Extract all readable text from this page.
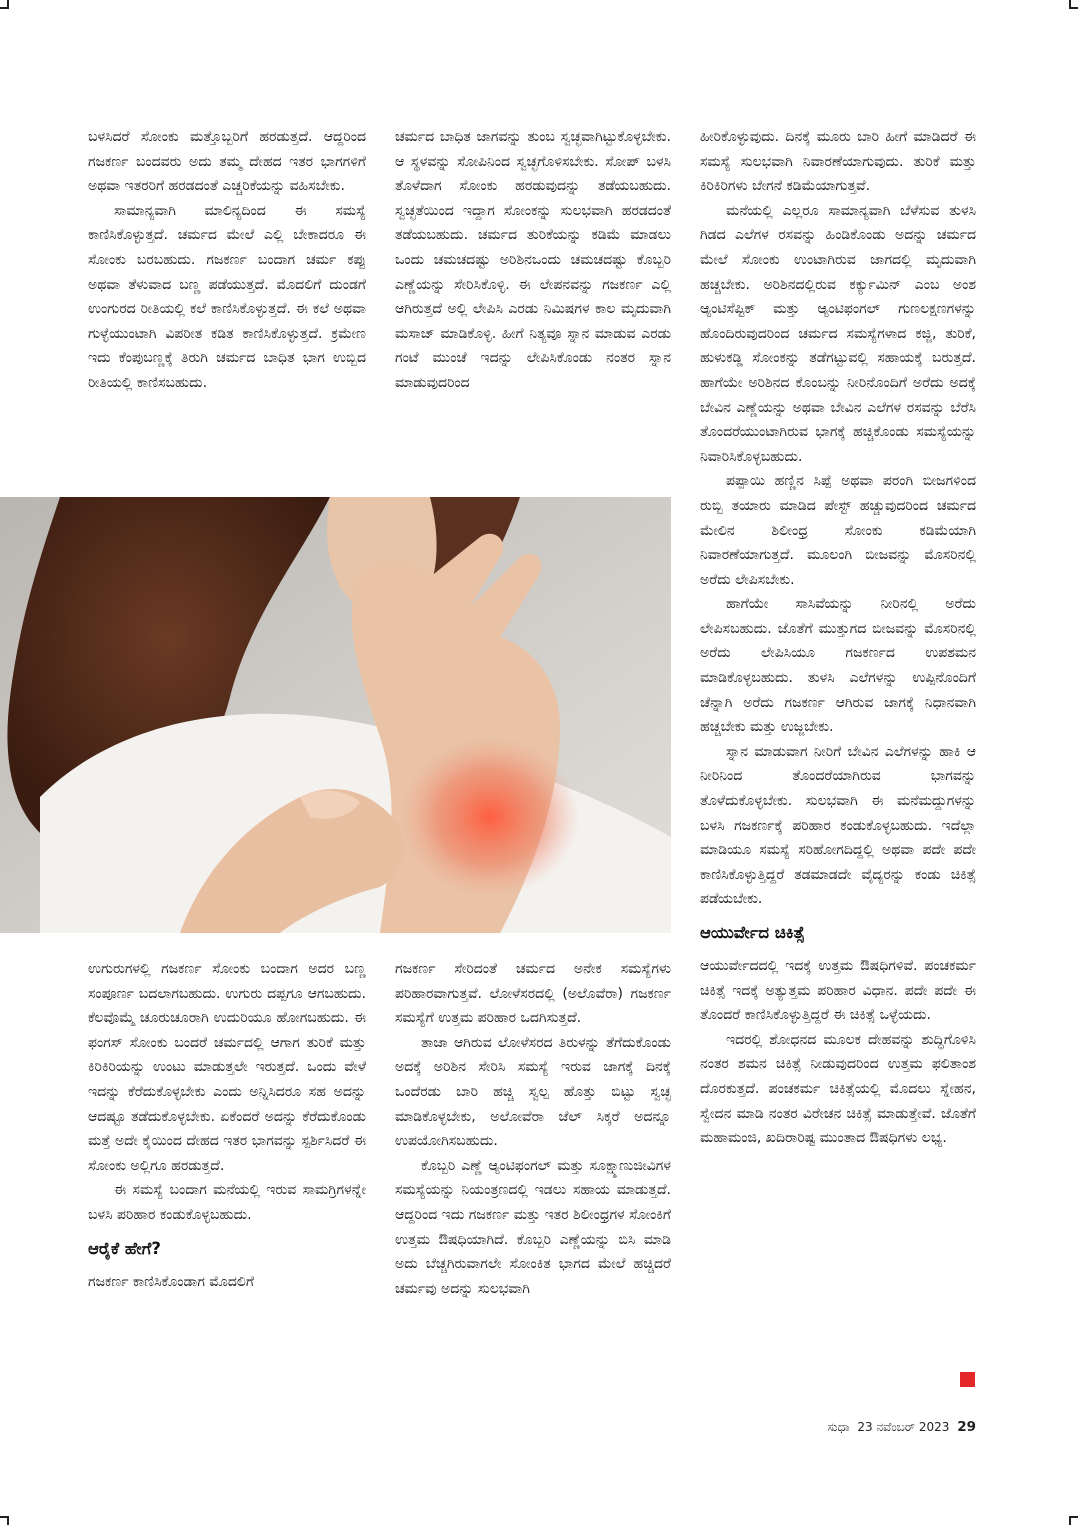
ಬಳಸಿದರೆ ಸೋಂಕು ಮತ್ತೊಬ್ಬರಿಗೆ ಹರಡುತ್ತದೆ. ಆದ್ದರಿಂದ ಗಜಕರ್ಣ ಬಂದವರು ಅದು ತಮ್ಮ ದೇಹದ ಇತರ ಭಾಗಗಳಿಗೆ ಅಥವಾ ಇತರರಿಗೆ ಹರಡದಂತೆ ಎಚ್ಚರಿಕೆಯನ್ನು ವಹಿಸಬೇಕು.

ಸಾಮಾನ್ಯವಾಗಿ ಮಾಲಿನ್ಯದಿಂದ ಈ ಸಮಸ್ಯೆ ಕಾಣಿಸಿಕೊಳ್ಳುತ್ತದೆ. ಚರ್ಮದ ಮೇಲೆ ಎಲ್ಲಿ ಬೇಕಾದರೂ ಈ ಸೋಂಕು ಬರಬಹುದು. ಗಜಕರ್ಣ ಬಂದಾಗ ಚರ್ಮ ಕಪ್ಪು ಅಥವಾ ತೆಳುವಾದ ಬಣ್ಣ ಪಡೆಯುತ್ತದೆ. ಮೊದಲಿಗೆ ದುಂಡಗೆ ಉಂಗುರದ ರೀತಿಯಲ್ಲಿ ಕಲೆ ಕಾಣಿಸಿಕೊಳ್ಳುತ್ತದೆ. ಈ ಕಲೆ ಅಥವಾ ಗುಳ್ಳೆಯುಂಟಾಗಿ ವಿಪರೀತ ಕಡಿತ ಕಾಣಿಸಿಕೊಳ್ಳುತ್ತದೆ. ಕ್ರಮೇಣ ಇದು ಕೆಂಪುಬಣ್ಣಕ್ಕೆ ತಿರುಗಿ ಚರ್ಮದ ಬಾಧಿತ ಭಾಗ ಉಬ್ಬಿದ ರೀತಿಯಲ್ಲಿ ಕಾಣಿಸಬಹುದು.

ಚರ್ಮದ ಬಾಧಿತ ಜಾಗವನ್ನು ತುಂಬ ಸ್ವಚ್ಛವಾಗಿಟ್ಟುಕೊಳ್ಳಬೇಕು. ಆ ಸ್ಥಳವನ್ನು ಸೋಪಿನಿಂದ ಸ್ವಚ್ಛಗೊಳಿಸಬೇಕು. ಸೋಪ್ ಬಳಸಿ ತೊಳೆದಾಗ ಸೋಂಕು ಹರಡುವುದನ್ನು ತಡೆಯಬಹುದು. ಸ್ವಚ್ಛತೆಯಿಂದ ಇದ್ದಾಗ ಸೋಂಕನ್ನು ಸುಲಭವಾಗಿ ಹರಡದಂತೆ ತಡೆಯಬಹುದು. ಚರ್ಮದ ತುರಿಕೆಯನ್ನು ಕಡಿಮೆ ಮಾಡಲು ಒಂದು ಚಮಚದಷ್ಟು ಅರಿಶಿನಒಂದು ಚಮಚದಷ್ಟು ಕೊಬ್ಬರಿ ಎಣ್ಣೆಯನ್ನು ಸೇರಿಸಿಕೊಳ್ಳಿ. ಈ ಲೇಪನವನ್ನು ಗಜಕರ್ಣ ಎಲ್ಲಿ ಆಗಿರುತ್ತದೆ ಅಲ್ಲಿ ಲೇಪಿಸಿ ಎರಡು ನಿಮಿಷಗಳ ಕಾಲ ಮೃದುವಾಗಿ ಮಸಾಜ್ ಮಾಡಿಕೊಳ್ಳಿ. ಹೀಗೆ ನಿತ್ಯವೂ ಸ್ನಾನ ಮಾಡುವ ಎರಡು ಗಂಟೆ ಮುಂಚೆ ಇದನ್ನು ಲೇಪಿಸಿಕೊಂಡು ನಂತರ ಸ್ನಾನ ಮಾಡುವುದರಿಂದ

ಹೀರಿಕೊಳ್ಳುವುದು. ದಿನಕ್ಕೆ ಮೂರು ಬಾರಿ ಹೀಗೆ ಮಾಡಿದರೆ ಈ ಸಮಸ್ಯೆ ಸುಲಭವಾಗಿ ನಿವಾರಣೆಯಾಗುವುದು. ತುರಿಕೆ ಮತ್ತು ಕಿರಿಕಿರಿಗಳು ಬೇಗನೆ ಕಡಿಮೆಯಾಗುತ್ತವೆ.

ಮನೆಯಲ್ಲಿ ಎಲ್ಲರೂ ಸಾಮಾನ್ಯವಾಗಿ ಬೆಳೆಸುವ ತುಳಸಿ ಗಿಡದ ಎಲೆಗಳ ರಸವನ್ನು ಹಿಂಡಿಕೊಂಡು ಅದನ್ನು ಚರ್ಮದ ಮೇಲೆ ಸೋಂಕು ಉಂಟಾಗಿರುವ ಜಾಗದಲ್ಲಿ ಮೃದುವಾಗಿ ಹಚ್ಚಬೇಕು. ಅರಿಶಿನದಲ್ಲಿರುವ ಕರ್ಕ್ಯುಮಿನ್ ಎಂಬ ಅಂಶ ಆ್ಯಂಟಿಸೆಪ್ಟಿಕ್ ಮತ್ತು ಆ್ಯಂಟಿಫಂಗಲ್ ಗುಣಲಕ್ಷಣಗಳನ್ನು ಹೊಂದಿರುವುದರಿಂದ ಚರ್ಮದ ಸಮಸ್ಯೆಗಳಾದ ಕಜ್ಜಿ, ತುರಿಕೆ, ಹುಳುಕಡ್ಡಿ ಸೋಂಕನ್ನು ತಡೆಗಟ್ಟುವಲ್ಲಿ ಸಹಾಯಕ್ಕೆ ಬರುತ್ತದೆ. ಹಾಗೆಯೇ ಅರಿಶಿನದ ಕೊಂಬನ್ನು ನೀರಿನೊಂದಿಗೆ ಅರೆದು ಅದಕ್ಕೆ ಬೇವಿನ ಎಣ್ಣೆಯನ್ನು ಅಥವಾ ಬೇವಿನ ಎಲೆಗಳ ರಸವನ್ನು ಬೆರೆಸಿ ತೊಂದರೆಯುಂಟಾಗಿರುವ ಭಾಗಕ್ಕೆ ಹಚ್ಚಿಕೊಂಡು ಸಮಸ್ಯೆಯನ್ನು ನಿವಾರಿಸಿಕೊಳ್ಳಬಹುದು.

ಪಪ್ಪಾಯಿ ಹಣ್ಣಿನ ಸಿಪ್ಪೆ ಅಥವಾ ಪರಂಗಿ ಬೀಜಗಳಿಂದ ರುಬ್ಬಿ ತಯಾರು ಮಾಡಿದ ಪೇಸ್ಟ್ ಹಚ್ಚುವುದರಿಂದ ಚರ್ಮದ ಮೇಲಿನ ಶಿಲೀಂಧ್ರ ಸೋಂಕು ಕಡಿಮೆಯಾಗಿ ನಿವಾರಣೆಯಾಗುತ್ತದೆ. ಮೂಲಂಗಿ ಬೀಜವನ್ನು ಮೊಸರಿನಲ್ಲಿ ಅರೆದು ಲೇಪಿಸಬೇಕು.

ಹಾಗೆಯೇ ಸಾಸಿವೆಯನ್ನು ನೀರಿನಲ್ಲಿ ಅರೆದು ಲೇಪಿಸಬಹುದು. ಜೊತೆಗೆ ಮುತ್ತುಗದ ಬೀಜವನ್ನು ಮೊಸರಿನಲ್ಲಿ ಅರೆದು ಲೇಪಿಸಿಯೂ ಗಜಕರ್ಣದ ಉಪಶಮನ ಮಾಡಿಕೊಳ್ಳಬಹುದು. ತುಳಸಿ ಎಲೆಗಳನ್ನು ಉಪ್ಪಿನೊಂದಿಗೆ ಚೆನ್ನಾಗಿ ಅರೆದು ಗಜಕರ್ಣ ಆಗಿರುವ ಜಾಗಕ್ಕೆ ನಿಧಾನವಾಗಿ ಹಚ್ಚಬೇಕು ಮತ್ತು ಉಜ್ಜಬೇಕು.

ಸ್ನಾನ ಮಾಡುವಾಗ ನೀರಿಗೆ ಬೇವಿನ ಎಲೆಗಳನ್ನು ಹಾಕಿ ಆ ನೀರಿನಿಂದ ತೊಂದರೆಯಾಗಿರುವ ಭಾಗವನ್ನು ತೊಳೆದುಕೊಳ್ಳಬೇಕು. ಸುಲಭವಾಗಿ ಈ ಮನೆಮದ್ದುಗಳನ್ನು ಬಳಸಿ ಗಜಕರ್ಣಕ್ಕೆ ಪರಿಹಾರ ಕಂಡುಕೊಳ್ಳಬಹುದು. ಇದೆಲ್ಲಾ ಮಾಡಿಯೂ ಸಮಸ್ಯೆ ಸರಿಹೋಗದಿದ್ದಲ್ಲಿ ಅಥವಾ ಪದೇ ಪದೇ ಕಾಣಿಸಿಕೊಳ್ಳುತ್ತಿದ್ದರೆ ತಡಮಾಡದೇ ವೈದ್ಯರನ್ನು ಕಂಡು ಚಿಕಿತ್ಸೆ ಪಡೆಯಬೇಕು.

ಆಯುರ್ವೇದ ಚಿಕಿತ್ಸೆ

ಆಯುರ್ವೇದದಲ್ಲಿ ಇದಕ್ಕೆ ಉತ್ತಮ ಔಷಧಿಗಳಿವೆ. ಪಂಚಕರ್ಮ ಚಿಕಿತ್ಸೆ ಇದಕ್ಕೆ ಅತ್ಯುತ್ತಮ ಪರಿಹಾರ ವಿಧಾನ. ಪದೇ ಪದೇ ಈ ತೊಂದರೆ ಕಾಣಿಸಿಕೊಳ್ಳುತ್ತಿದ್ದರೆ ಈ ಚಿಕಿತ್ಸೆ ಒಳ್ಳೆಯದು.

ಇದರಲ್ಲಿ ಶೋಧನದ ಮೂಲಕ ದೇಹವನ್ನು ಶುದ್ಧಿಗೊಳಿಸಿ ನಂತರ ಶಮನ ಚಿಕಿತ್ಸೆ ನೀಡುವುದರಿಂದ ಉತ್ತಮ ಫಲಿತಾಂಶ ದೊರಕುತ್ತದೆ. ಪಂಚಕರ್ಮ ಚಿಕಿತ್ಸೆಯಲ್ಲಿ ಮೊದಲು ಸ್ನೇಹನ, ಸ್ವೇದನ ಮಾಡಿ ನಂತರ ವಿರೇಚನ ಚಿಕಿತ್ಸೆ ಮಾಡುತ್ತೇವೆ. ಜೊತೆಗೆ ಮಹಾಮಂಜಿ, ಖದಿರಾರಿಷ್ಟ ಮುಂತಾದ ಔಷಧಿಗಳು ಲಭ್ಯ.

ಉಗುರುಗಳಲ್ಲಿ ಗಜಕರ್ಣ ಸೋಂಕು ಬಂದಾಗ ಅದರ ಬಣ್ಣ ಸಂಪೂರ್ಣ ಬದಲಾಗಬಹುದು. ಉಗುರು ದಪ್ಪಗೂ ಆಗಬಹುದು. ಕೆಲವೊಮ್ಮೆ ಚೂರುಚೂರಾಗಿ ಉದುರಿಯೂ ಹೋಗಬಹುದು. ಈ ಫಂಗಸ್ ಸೋಂಕು ಬಂದರೆ ಚರ್ಮದಲ್ಲಿ ಆಗಾಗ ತುರಿಕೆ ಮತ್ತು ಕಿರಿಕಿರಿಯನ್ನು ಉಂಟು ಮಾಡುತ್ತಲೇ ಇರುತ್ತದೆ. ಒಂದು ವೇಳೆ ಇದನ್ನು ಕೆರೆದುಕೊಳ್ಳಬೇಕು ಎಂದು ಅನ್ನಿಸಿದರೂ ಸಹ ಅದನ್ನು ಆದಷ್ಟೂ ತಡೆದುಕೊಳ್ಳಬೇಕು. ಏಕೆಂದರೆ ಅದನ್ನು ಕೆರೆದುಕೊಂಡು ಮತ್ತೆ ಅದೇ ಕೈಯಿಂದ ದೇಹದ ಇತರ ಭಾಗವನ್ನು ಸ್ಪರ್ಶಿಸಿದರೆ ಈ ಸೋಂಕು ಅಲ್ಲಿಗೂ ಹರಡುತ್ತದೆ.

ಈ ಸಮಸ್ಯೆ ಬಂದಾಗ ಮನೆಯಲ್ಲಿ ಇರುವ ಸಾಮಗ್ರಿಗಳನ್ನೇ ಬಳಸಿ ಪರಿಹಾರ ಕಂಡುಕೊಳ್ಳಬಹುದು.

ಆರೈಕೆ ಹೇಗೆ?

ಗಜಕರ್ಣ ಕಾಣಿಸಿಕೊಂಡಾಗ ಮೊದಲಿಗೆ

ಗಜಕರ್ಣ ಸೇರಿದಂತೆ ಚರ್ಮದ ಅನೇಕ ಸಮಸ್ಯೆಗಳು ಪರಿಹಾರವಾಗುತ್ತವೆ. ಲೋಳೆಸರದಲ್ಲಿ (ಅಲೊವೆರಾ) ಗಜಕರ್ಣ ಸಮಸ್ಯೆಗೆ ಉತ್ತಮ ಪರಿಹಾರ ಒದಗಿಸುತ್ತದೆ.

ತಾಜಾ ಆಗಿರುವ ಲೋಳೆಸರದ ತಿರುಳನ್ನು ತೆಗೆದುಕೊಂಡು ಅದಕ್ಕೆ ಅರಿಶಿನ ಸೇರಿಸಿ ಸಮಸ್ಯೆ ಇರುವ ಜಾಗಕ್ಕೆ ದಿನಕ್ಕೆ ಒಂದೆರಡು ಬಾರಿ ಹಚ್ಚಿ ಸ್ವಲ್ಪ ಹೊತ್ತು ಬಿಟ್ಟು ಸ್ವಚ್ಛ ಮಾಡಿಕೊಳ್ಳಬೇಕು, ಅಲೋವೆರಾ ಜೆಲ್ ಸಿಕ್ಕರೆ ಅದನ್ನೂ ಉಪಯೋಗಿಸಬಹುದು.

ಕೊಬ್ಬರಿ ಎಣ್ಣೆ ಆ್ಯಂಟಿಫಂಗಲ್ ಮತ್ತು ಸೂಕ್ಷ್ಮಾಣುಜೀವಿಗಳ ಸಮಸ್ಯೆಯನ್ನು ನಿಯಂತ್ರಣದಲ್ಲಿ ಇಡಲು ಸಹಾಯ ಮಾಡುತ್ತದೆ. ಆದ್ದರಿಂದ ಇದು ಗಜಕರ್ಣ ಮತ್ತು ಇತರ ಶಿಲೀಂಧ್ರಗಳ ಸೋಂಕಿಗೆ ಉತ್ತಮ ಔಷಧಿಯಾಗಿದೆ. ಕೊಬ್ಬರಿ ಎಣ್ಣೆಯನ್ನು ಬಿಸಿ ಮಾಡಿ ಅದು ಬೆಚ್ಚಗಿರುವಾಗಲೇ ಸೋಂಕಿತ ಭಾಗದ ಮೇಲೆ ಹಚ್ಚಿದರೆ ಚರ್ಮವು ಅದನ್ನು ಸುಲಭವಾಗಿ

ಸುಧಾ 23 ನವೆಂಬರ್ 2023 29
